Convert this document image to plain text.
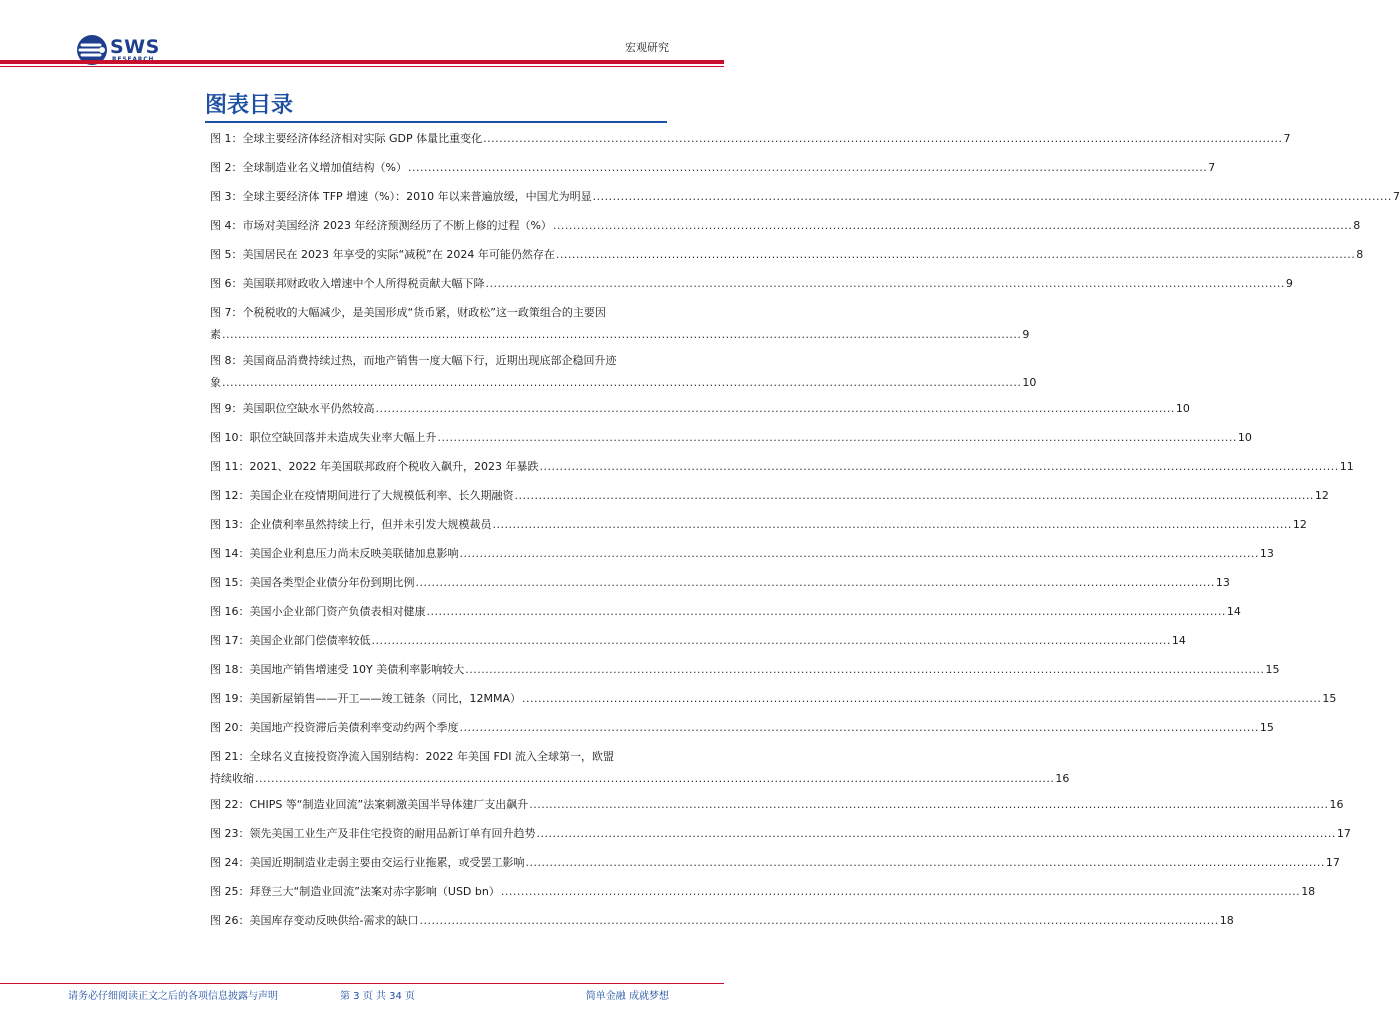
SWS	宏观研究
图表目录
图 1：全球主要经济体经济相对实际 GDP 体量比重变化 ........................................................................................................................................................................................................ 7
图 2：全球制造业名义增加值结构（%） ........................................................................................................................................................................................................ 7
图 3：全球主要经济体 TFP 增速（%）：2010 年以来普遍放缓，中国尤为明显 ........................................................................................................................................................................................................ 7
图 4：市场对美国经济 2023 年经济预测经历了不断上修的过程（%） ........................................................................................................................................................................................................ 8
图 5：美国居民在 2023 年享受的实际“减税”在 2024 年可能仍然存在 ........................................................................................................................................................................................................ 8
图 6：美国联邦财政收入增速中个人所得税贡献大幅下降 ........................................................................................................................................................................................................ 9
图 7：个税税收的大幅减少，是美国形成“货币紧，财政松”这一政策组合的主要因
素 ........................................................................................................................................................................................................ 9
图 8：美国商品消费持续过热，而地产销售一度大幅下行，近期出现底部企稳回升迹
象 ........................................................................................................................................................................................................ 10
图 9：美国职位空缺水平仍然较高 ........................................................................................................................................................................................................ 10
图 10：职位空缺回落并未造成失业率大幅上升 ........................................................................................................................................................................................................ 10
图 11：2021、2022 年美国联邦政府个税收入飙升，2023 年暴跌 ........................................................................................................................................................................................................ 11
图 12：美国企业在疫情期间进行了大规模低利率、长久期融资 ........................................................................................................................................................................................................ 12
图 13：企业债利率虽然持续上行，但并未引发大规模裁员 ........................................................................................................................................................................................................ 12
图 14：美国企业利息压力尚未反映美联储加息影响 ........................................................................................................................................................................................................ 13
图 15：美国各类型企业债分年份到期比例 ........................................................................................................................................................................................................ 13
图 16：美国小企业部门资产负债表相对健康 ........................................................................................................................................................................................................ 14
图 17：美国企业部门偿债率较低 ........................................................................................................................................................................................................ 14
图 18：美国地产销售增速受 10Y 美债利率影响较大 ........................................................................................................................................................................................................ 15
图 19：美国新屋销售——开工——竣工链条（同比，12MMA） ........................................................................................................................................................................................................ 15
图 20：美国地产投资滞后美债利率变动约两个季度 ........................................................................................................................................................................................................ 15
图 21：全球名义直接投资净流入国别结构：2022 年美国 FDI 流入全球第一，欧盟
持续收缩 ........................................................................................................................................................................................................ 16
图 22：CHIPS 等“制造业回流”法案刺激美国半导体建厂支出飙升 ........................................................................................................................................................................................................ 16
图 23：领先美国工业生产及非住宅投资的耐用品新订单有回升趋势 ........................................................................................................................................................................................................ 17
图 24：美国近期制造业走弱主要由交运行业拖累，或受罢工影响 ........................................................................................................................................................................................................ 17
图 25：拜登三大“制造业回流”法案对赤字影响（USD bn） ........................................................................................................................................................................................................ 18
图 26：美国库存变动反映供给-需求的缺口 ........................................................................................................................................................................................................ 18
请务必仔细阅读正文之后的各项信息披露与声明	第 3 页 共 34 页	简单金融 成就梦想
